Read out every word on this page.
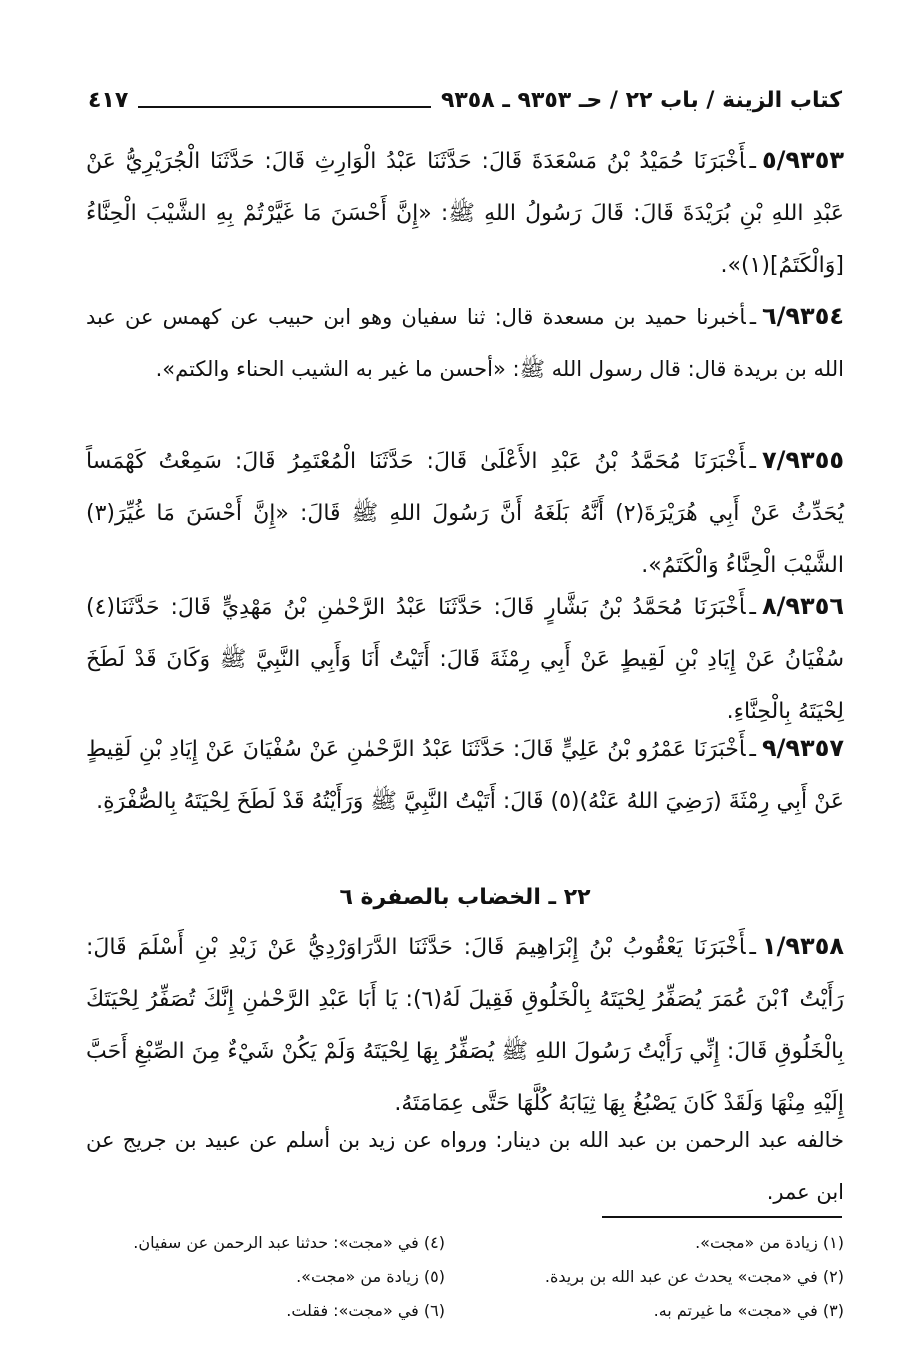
كتاب الزينة / باب ٢٢ / حـ ٩٣٥٣ ـ ٩٣٥٨
٤١٧

٥/٩٣٥٣ـأَخْبَرَنَا حُمَيْدُ بْنُ مَسْعَدَةَ قَالَ: حَدَّثَنَا عَبْدُ الْوَارِثِ قَالَ: حَدَّثَنَا الْجُرَيْرِيُّ عَنْ عَبْدِ اللهِ بْنِ بُرَيْدَةَ قَالَ: قَالَ رَسُولُ اللهِ ﷺ: «إِنَّ أَحْسَنَ مَا غَيَّرْتُمْ بِهِ الشَّيْبَ الْحِنَّاءُ [وَالْكَتَمُ](١)».

٦/٩٣٥٤ـأخبرنا حميد بن مسعدة قال: ثنا سفيان وهو ابن حبيب عن كهمس عن عبد الله بن بريدة قال: قال رسول الله ﷺ: «أحسن ما غير به الشيب الحناء والكتم».

٧/٩٣٥٥ـأَخْبَرَنَا مُحَمَّدُ بْنُ عَبْدِ الأَعْلَىٰ قَالَ: حَدَّثَنَا الْمُعْتَمِرُ قَالَ: سَمِعْتُ كَهْمَساً يُحَدِّثُ عَنْ أَبِي هُرَيْرَةَ(٢) أَنَّهُ بَلَغَهُ أَنَّ رَسُولَ اللهِ ﷺ قَالَ: «إِنَّ أَحْسَنَ مَا غُيِّرَ(٣) الشَّيْبَ الْحِنَّاءُ وَالْكَتَمُ».

٨/٩٣٥٦ـأَخْبَرَنَا مُحَمَّدُ بْنُ بَشَّارٍ قَالَ: حَدَّثَنَا عَبْدُ الرَّحْمٰنِ بْنُ مَهْدِيٍّ قَالَ: حَدَّثَنَا(٤) سُفْيَانُ عَنْ إِيَادِ بْنِ لَقِيطٍ عَنْ أَبِي رِمْثَةَ قَالَ: أَتَيْتُ أَنَا وَأَبِي النَّبِيَّ ﷺ وَكَانَ قَدْ لَطَخَ لِحْيَتَهُ بِالْحِنَّاءِ.

٩/٩٣٥٧ـأَخْبَرَنَا عَمْرُو بْنُ عَلِيٍّ قَالَ: حَدَّثَنَا عَبْدُ الرَّحْمٰنِ عَنْ سُفْيَانَ عَنْ إِيَادِ بْنِ لَقِيطٍ عَنْ أَبِي رِمْثَةَ (رَضِيَ اللهُ عَنْهُ)(٥) قَالَ: أَتَيْتُ النَّبِيَّ ﷺ وَرَأَيْتُهُ قَدْ لَطَخَ لِحْيَتَهُ بِالصُّفْرَةِ.

٢٢ ـ الخضاب بالصفرة ٦

١/٩٣٥٨ـأَخْبَرَنَا يَعْقُوبُ بْنُ إِبْرَاهِيمَ قَالَ: حَدَّثَنَا الدَّرَاوَرْدِيُّ عَنْ زَيْدِ بْنِ أَسْلَمَ قَالَ: رَأَيْتُ ٱبْنَ عُمَرَ يُصَفِّرُ لِحْيَتَهُ بِالْخَلُوقِ فَقِيلَ لَهُ(٦): يَا أَبَا عَبْدِ الرَّحْمٰنِ إِنَّكَ تُصَفِّرُ لِحْيَتَكَ بِالْخَلُوقِ قَالَ: إِنِّي رَأَيْتُ رَسُولَ اللهِ ﷺ يُصَفِّرُ بِهَا لِحْيَتَهُ وَلَمْ يَكُنْ شَيْءٌ مِنَ الصِّبْغِ أَحَبَّ إِلَيْهِ مِنْهَا وَلَقَدْ كَانَ يَصْبُغُ بِهَا ثِيَابَهُ كُلَّهَا حَتَّى عِمَامَتَهُ.

خالفه عبد الرحمن بن عبد الله بن دينار: ورواه عن زيد بن أسلم عن عبيد بن جريج عن ابن عمر.

(١) زيادة من «مجت».
(٤) في «مجت»: حدثنا عبد الرحمن عن سفيان.
(٢) في «مجت» يحدث عن عبد الله بن بريدة.
(٥) زيادة من «مجت».
(٣) في «مجت» ما غيرتم به.
(٦) في «مجت»: فقلت.
